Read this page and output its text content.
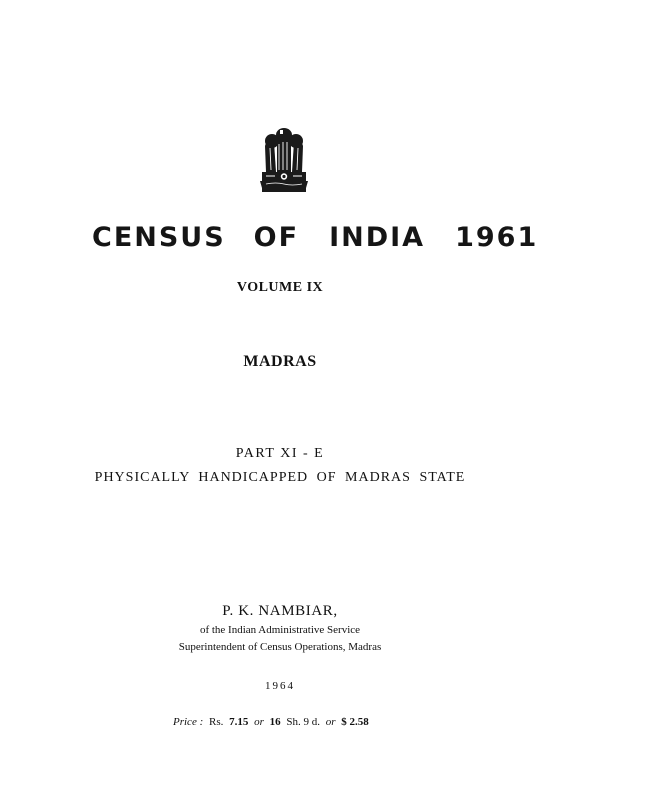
CENSUS OF INDIA 1961
VOLUME IX
MADRAS
PART XI - E
PHYSICALLY HANDICAPPED OF MADRAS STATE
P. K. NAMBIAR,
of the Indian Administrative Service
Superintendent of Census Operations, Madras
1964
Price : Rs. 7.15 or 16 Sh. 9 d. or $ 2.58
